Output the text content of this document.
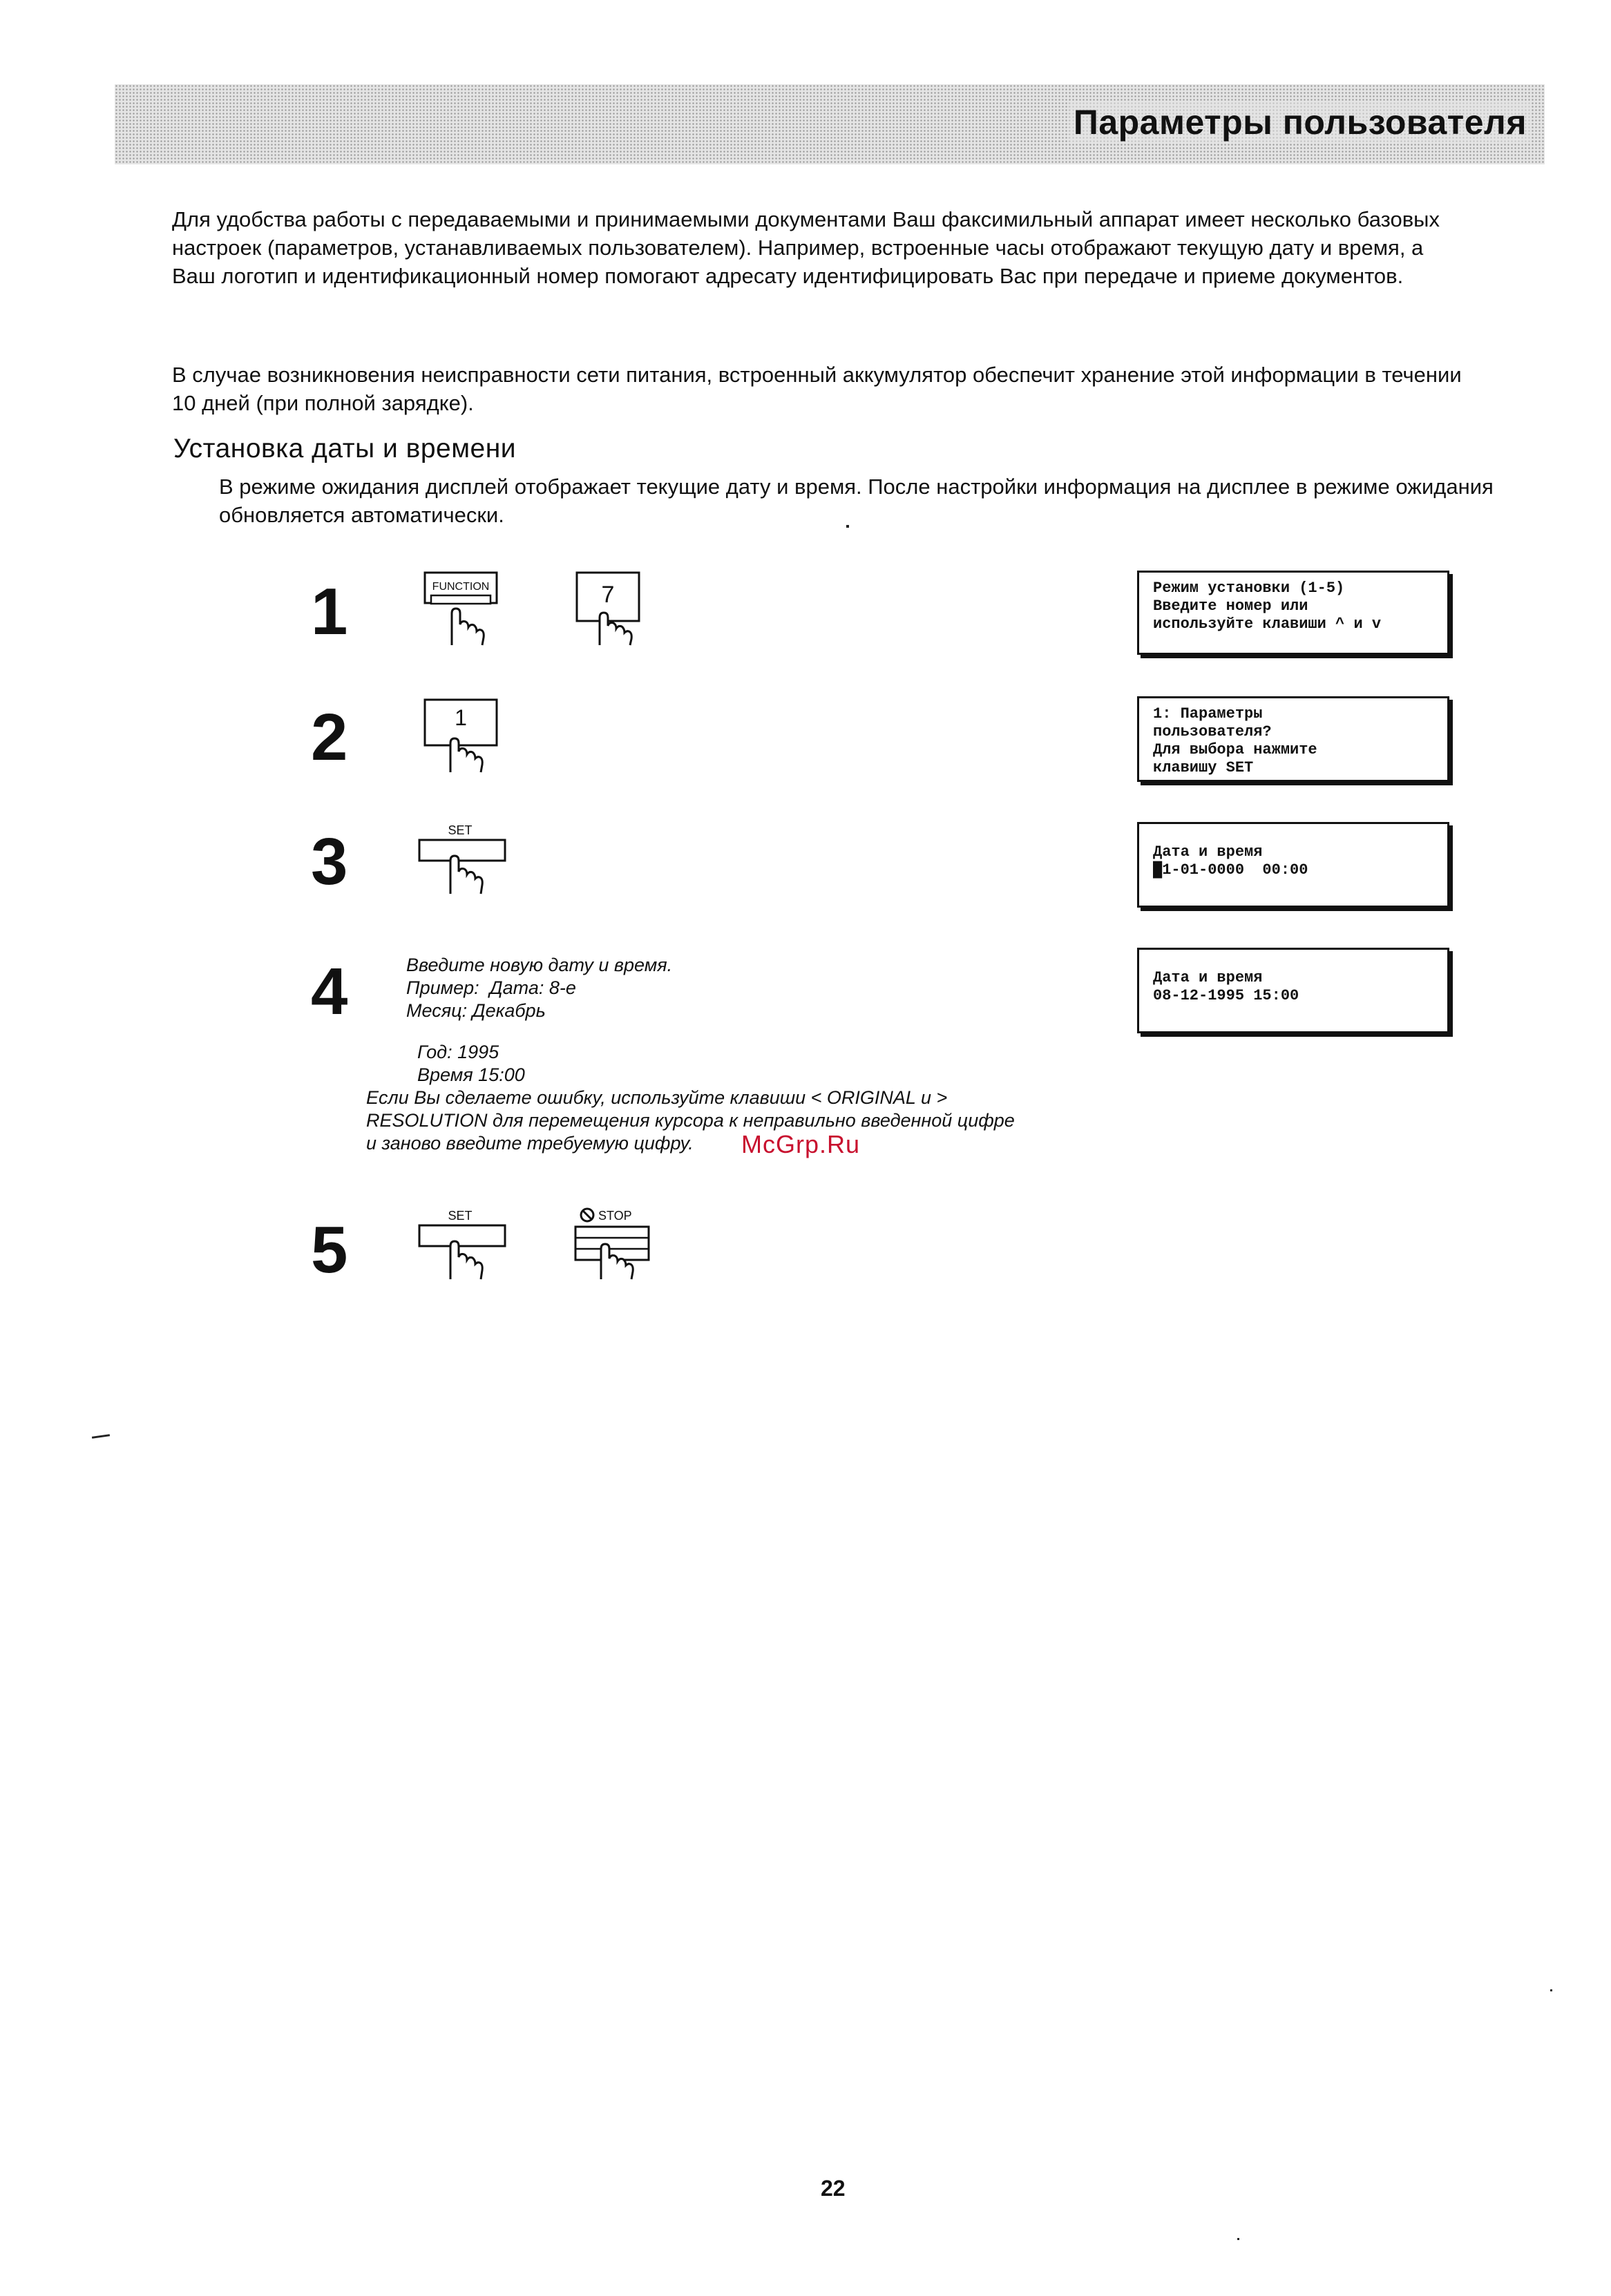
Параметры пользователя

Для удобства работы с передаваемыми и принимаемыми документами Ваш факсимильный аппарат имеет несколько базовых настроек (параметров, устанавливаемых пользователем). Например, встроенные часы отображают текущую дату и время, а Ваш логотип и идентификационный номер помогают адресату идентифицировать Вас при передаче и приеме документов.

В случае возникновения неисправности сети питания, встроенный аккумулятор обеспечит хранение этой информации в течении 10 дней (при полной зарядке).

Установка даты и времени

В режиме ожидания дисплей отображает текущие дату и время. После настройки информация на дисплее в режиме ожидания обновляется автоматически.

1	FUNCTION	7	Режим установки (1-5)
Введите номер или
используйте клавиши ^ и v
2	1	1: Параметры
пользователя?
Для выбора нажмите
клавишу SET
3	SET
Дата и время
█1-01-0000  00:00
4	Введите новую дату и время.
Пример:  Дата: 8-е
Месяц: Декабрь
Год: 1995
Время 15:00
Если Вы сделаете ошибку, используйте клавиши < ORIGINAL и >
RESOLUTION для перемещения курсора к неправильно введенной цифре
и заново введите требуемую цифру.	McGrp.Ru
Дата и время
08-12-1995 15:00
5	SET	STOP
22
